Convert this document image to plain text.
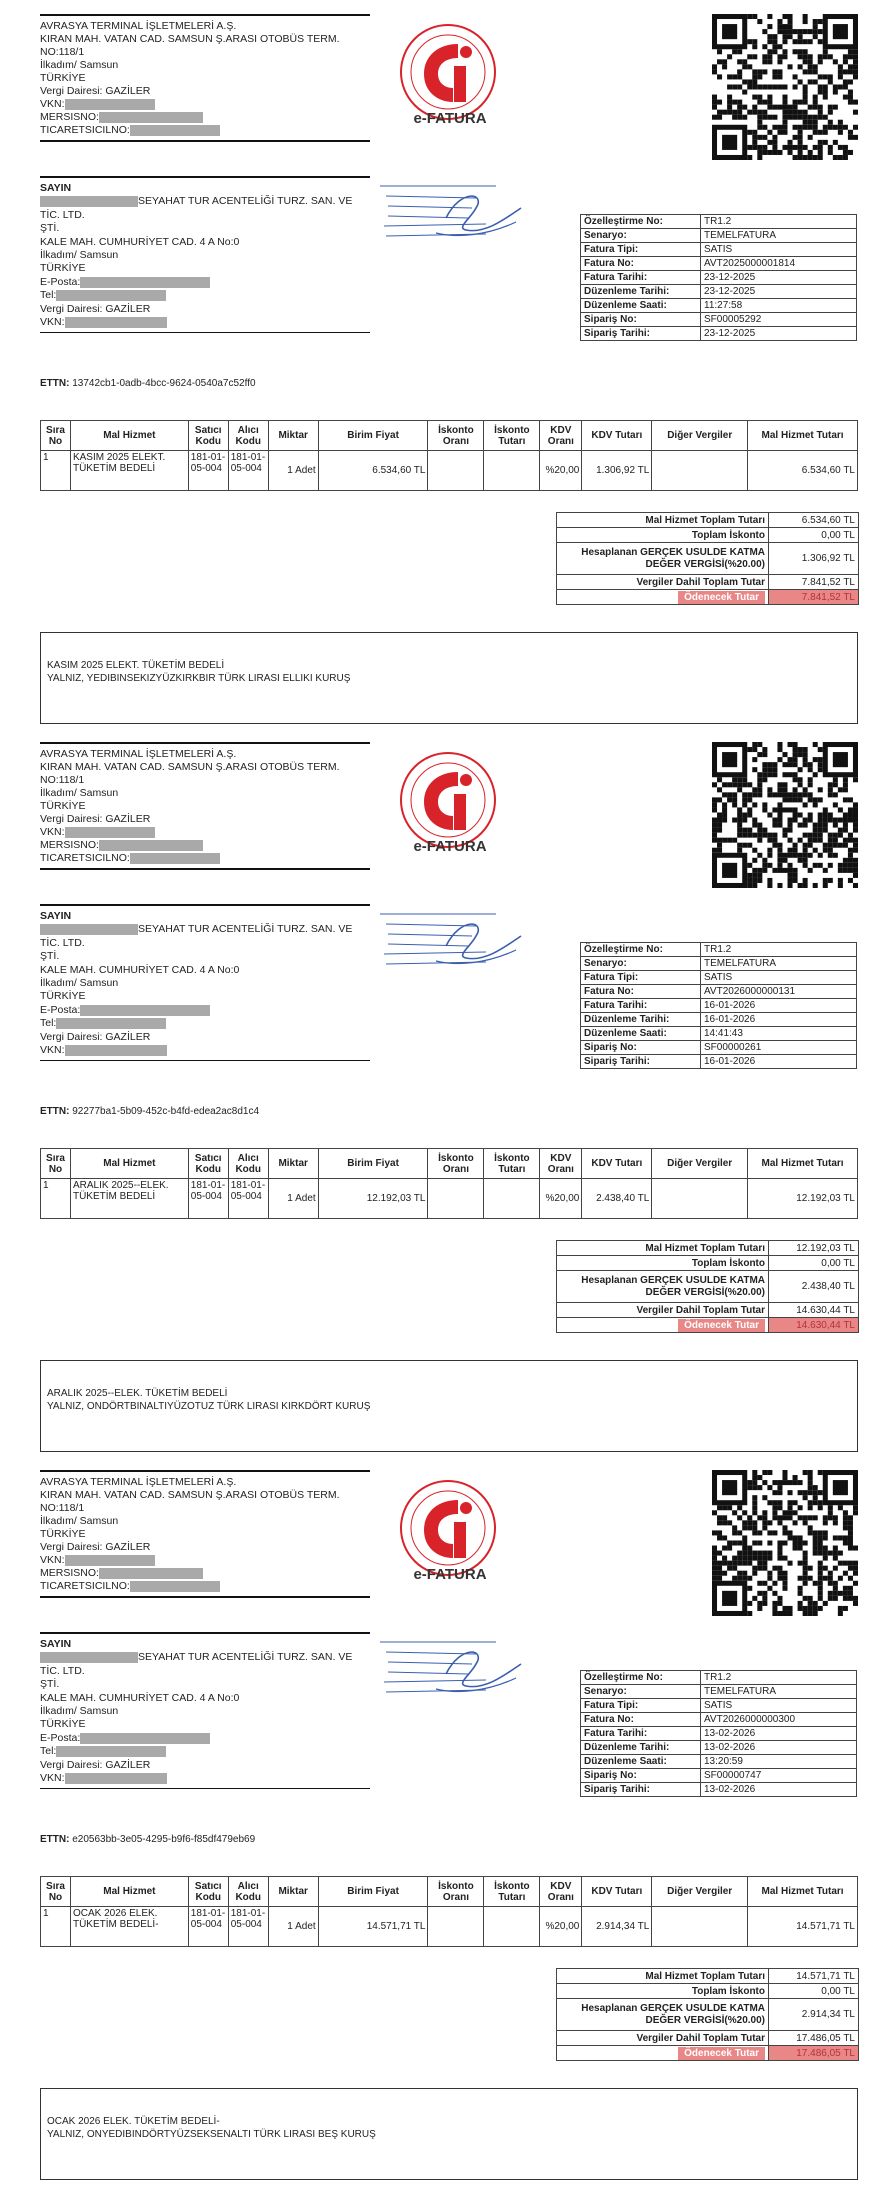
AVRASYA TERMINAL İŞLETMELERİ A.Ş.
KIRAN MAH. VATAN CAD. SAMSUN Ş.ARASI OTOBÜS TERM.
NO:118/1
İlkadım/ Samsun
TÜRKİYE
Vergi Dairesi: GAZİLER
VKN:
MERSISNO:
TICARETSICILNO:
e-FATURA
SAYIN
SEYAHAT TUR ACENTELİĞİ TURZ. SAN. VE TİC. LTD.
ŞTİ.
KALE MAH. CUMHURİYET CAD. 4 A No:0
İlkadım/ Samsun
TÜRKİYE
E-Posta:
Tel:
Vergi Dairesi: GAZİLER
VKN:
Özelleştirme No:	TR1.2
Senaryo:	TEMELFATURA
Fatura Tipi:	SATIS
Fatura No:	AVT2025000001814
Fatura Tarihi:	23-12-2025
Düzenleme Tarihi:	23-12-2025
Düzenleme Saati:	11:27:58
Sipariş No:	SF00005292
Sipariş Tarihi:	23-12-2025
ETTN: 13742cb1-0adb-4bcc-9624-0540a7c52ff0
Sıra No	Mal Hizmet	Satıcı Kodu	Alıcı Kodu	Miktar	Birim Fiyat	İskonto Oranı	İskonto Tutarı	KDV Oranı	KDV Tutarı	Diğer Vergiler	Mal Hizmet Tutarı
1	KASIM 2025 ELEKT. TÜKETİM BEDELİ	181-01-05-004	181-01-05-004	1 Adet	6.534,60 TL			%20,00	1.306,92 TL		6.534,60 TL
Mal Hizmet Toplam Tutarı	6.534,60 TL
Toplam İskonto	0,00 TL
Hesaplanan GERÇEK USULDE KATMA DEĞER VERGİSİ(%20.00)	1.306,92 TL
Vergiler Dahil Toplam Tutar	7.841,52 TL
Ödenecek Tutar	7.841,52 TL
KASIM 2025 ELEKT. TÜKETİM BEDELİ
YALNIZ, YEDIBINSEKIZYÜZKIRKBIR TÜRK LIRASI ELLIKI KURUŞ
AVRASYA TERMINAL İŞLETMELERİ A.Ş.
KIRAN MAH. VATAN CAD. SAMSUN Ş.ARASI OTOBÜS TERM.
NO:118/1
İlkadım/ Samsun
TÜRKİYE
Vergi Dairesi: GAZİLER
VKN:
MERSISNO:
TICARETSICILNO:
e-FATURA
SAYIN
SEYAHAT TUR ACENTELİĞİ TURZ. SAN. VE TİC. LTD.
ŞTİ.
KALE MAH. CUMHURİYET CAD. 4 A No:0
İlkadım/ Samsun
TÜRKİYE
E-Posta:
Tel:
Vergi Dairesi: GAZİLER
VKN:
Özelleştirme No:	TR1.2
Senaryo:	TEMELFATURA
Fatura Tipi:	SATIS
Fatura No:	AVT2026000000131
Fatura Tarihi:	16-01-2026
Düzenleme Tarihi:	16-01-2026
Düzenleme Saati:	14:41:43
Sipariş No:	SF00000261
Sipariş Tarihi:	16-01-2026
ETTN: 92277ba1-5b09-452c-b4fd-edea2ac8d1c4
Sıra No	Mal Hizmet	Satıcı Kodu	Alıcı Kodu	Miktar	Birim Fiyat	İskonto Oranı	İskonto Tutarı	KDV Oranı	KDV Tutarı	Diğer Vergiler	Mal Hizmet Tutarı
1	ARALIK 2025--ELEK. TÜKETİM BEDELİ	181-01-05-004	181-01-05-004	1 Adet	12.192,03 TL			%20,00	2.438,40 TL		12.192,03 TL
Mal Hizmet Toplam Tutarı	12.192,03 TL
Toplam İskonto	0,00 TL
Hesaplanan GERÇEK USULDE KATMA DEĞER VERGİSİ(%20.00)	2.438,40 TL
Vergiler Dahil Toplam Tutar	14.630,44 TL
Ödenecek Tutar	14.630,44 TL
ARALIK 2025--ELEK. TÜKETİM BEDELİ
YALNIZ, ONDÖRTBINALTIYÜZOTUZ TÜRK LIRASI KIRKDÖRT KURUŞ
AVRASYA TERMINAL İŞLETMELERİ A.Ş.
KIRAN MAH. VATAN CAD. SAMSUN Ş.ARASI OTOBÜS TERM.
NO:118/1
İlkadım/ Samsun
TÜRKİYE
Vergi Dairesi: GAZİLER
VKN:
MERSISNO:
TICARETSICILNO:
e-FATURA
SAYIN
SEYAHAT TUR ACENTELİĞİ TURZ. SAN. VE TİC. LTD.
ŞTİ.
KALE MAH. CUMHURİYET CAD. 4 A No:0
İlkadım/ Samsun
TÜRKİYE
E-Posta:
Tel:
Vergi Dairesi: GAZİLER
VKN:
Özelleştirme No:	TR1.2
Senaryo:	TEMELFATURA
Fatura Tipi:	SATIS
Fatura No:	AVT2026000000300
Fatura Tarihi:	13-02-2026
Düzenleme Tarihi:	13-02-2026
Düzenleme Saati:	13:20:59
Sipariş No:	SF00000747
Sipariş Tarihi:	13-02-2026
ETTN: e20563bb-3e05-4295-b9f6-f85df479eb69
Sıra No	Mal Hizmet	Satıcı Kodu	Alıcı Kodu	Miktar	Birim Fiyat	İskonto Oranı	İskonto Tutarı	KDV Oranı	KDV Tutarı	Diğer Vergiler	Mal Hizmet Tutarı
1	OCAK 2026 ELEK. TÜKETİM BEDELİ-	181-01-05-004	181-01-05-004	1 Adet	14.571,71 TL			%20,00	2.914,34 TL		14.571,71 TL
Mal Hizmet Toplam Tutarı	14.571,71 TL
Toplam İskonto	0,00 TL
Hesaplanan GERÇEK USULDE KATMA DEĞER VERGİSİ(%20.00)	2.914,34 TL
Vergiler Dahil Toplam Tutar	17.486,05 TL
Ödenecek Tutar	17.486,05 TL
OCAK 2026 ELEK. TÜKETİM BEDELİ-
YALNIZ, ONYEDIBINDÖRTYÜZSEKSENALTI TÜRK LIRASI BEŞ KURUŞ
